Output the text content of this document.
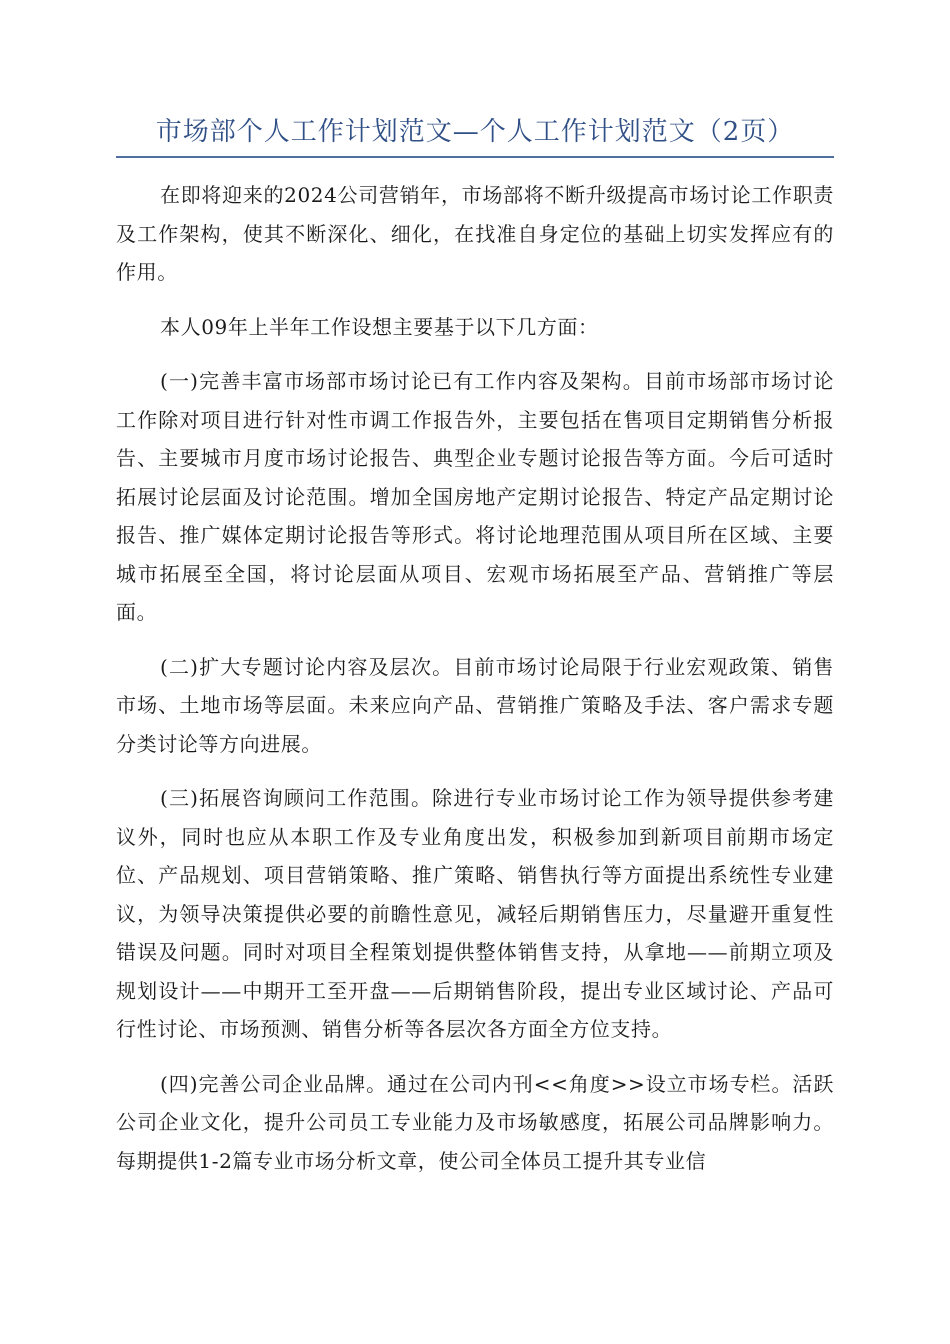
市场部个人工作计划范文—个人工作计划范文（2页）

在即将迎来的2024公司营销年，市场部将不断升级提高市场讨论工作职责及工作架构，使其不断深化、细化，在找准自身定位的基础上切实发挥应有的作用。

本人09年上半年工作设想主要基于以下几方面：

(一)完善丰富市场部市场讨论已有工作内容及架构。目前市场部市场讨论工作除对项目进行针对性市调工作报告外，主要包括在售项目定期销售分析报告、主要城市月度市场讨论报告、典型企业专题讨论报告等方面。今后可适时拓展讨论层面及讨论范围。增加全国房地产定期讨论报告、特定产品定期讨论报告、推广媒体定期讨论报告等形式。将讨论地理范围从项目所在区域、主要城市拓展至全国，将讨论层面从项目、宏观市场拓展至产品、营销推广等层面。

(二)扩大专题讨论内容及层次。目前市场讨论局限于行业宏观政策、销售市场、土地市场等层面。未来应向产品、营销推广策略及手法、客户需求专题分类讨论等方向进展。

(三)拓展咨询顾问工作范围。除进行专业市场讨论工作为领导提供参考建议外，同时也应从本职工作及专业角度出发，积极参加到新项目前期市场定位、产品规划、项目营销策略、推广策略、销售执行等方面提出系统性专业建议，为领导决策提供必要的前瞻性意见，减轻后期销售压力，尽量避开重复性错误及问题。同时对项目全程策划提供整体销售支持，从拿地——前期立项及规划设计——中期开工至开盘——后期销售阶段，提出专业区域讨论、产品可行性讨论、市场预测、销售分析等各层次各方面全方位支持。

(四)完善公司企业品牌。通过在公司内刊<<角度>>设立市场专栏。活跃公司企业文化，提升公司员工专业能力及市场敏感度，拓展公司品牌影响力。每期提供1-2篇专业市场分析文章，使公司全体员工提升其专业信
